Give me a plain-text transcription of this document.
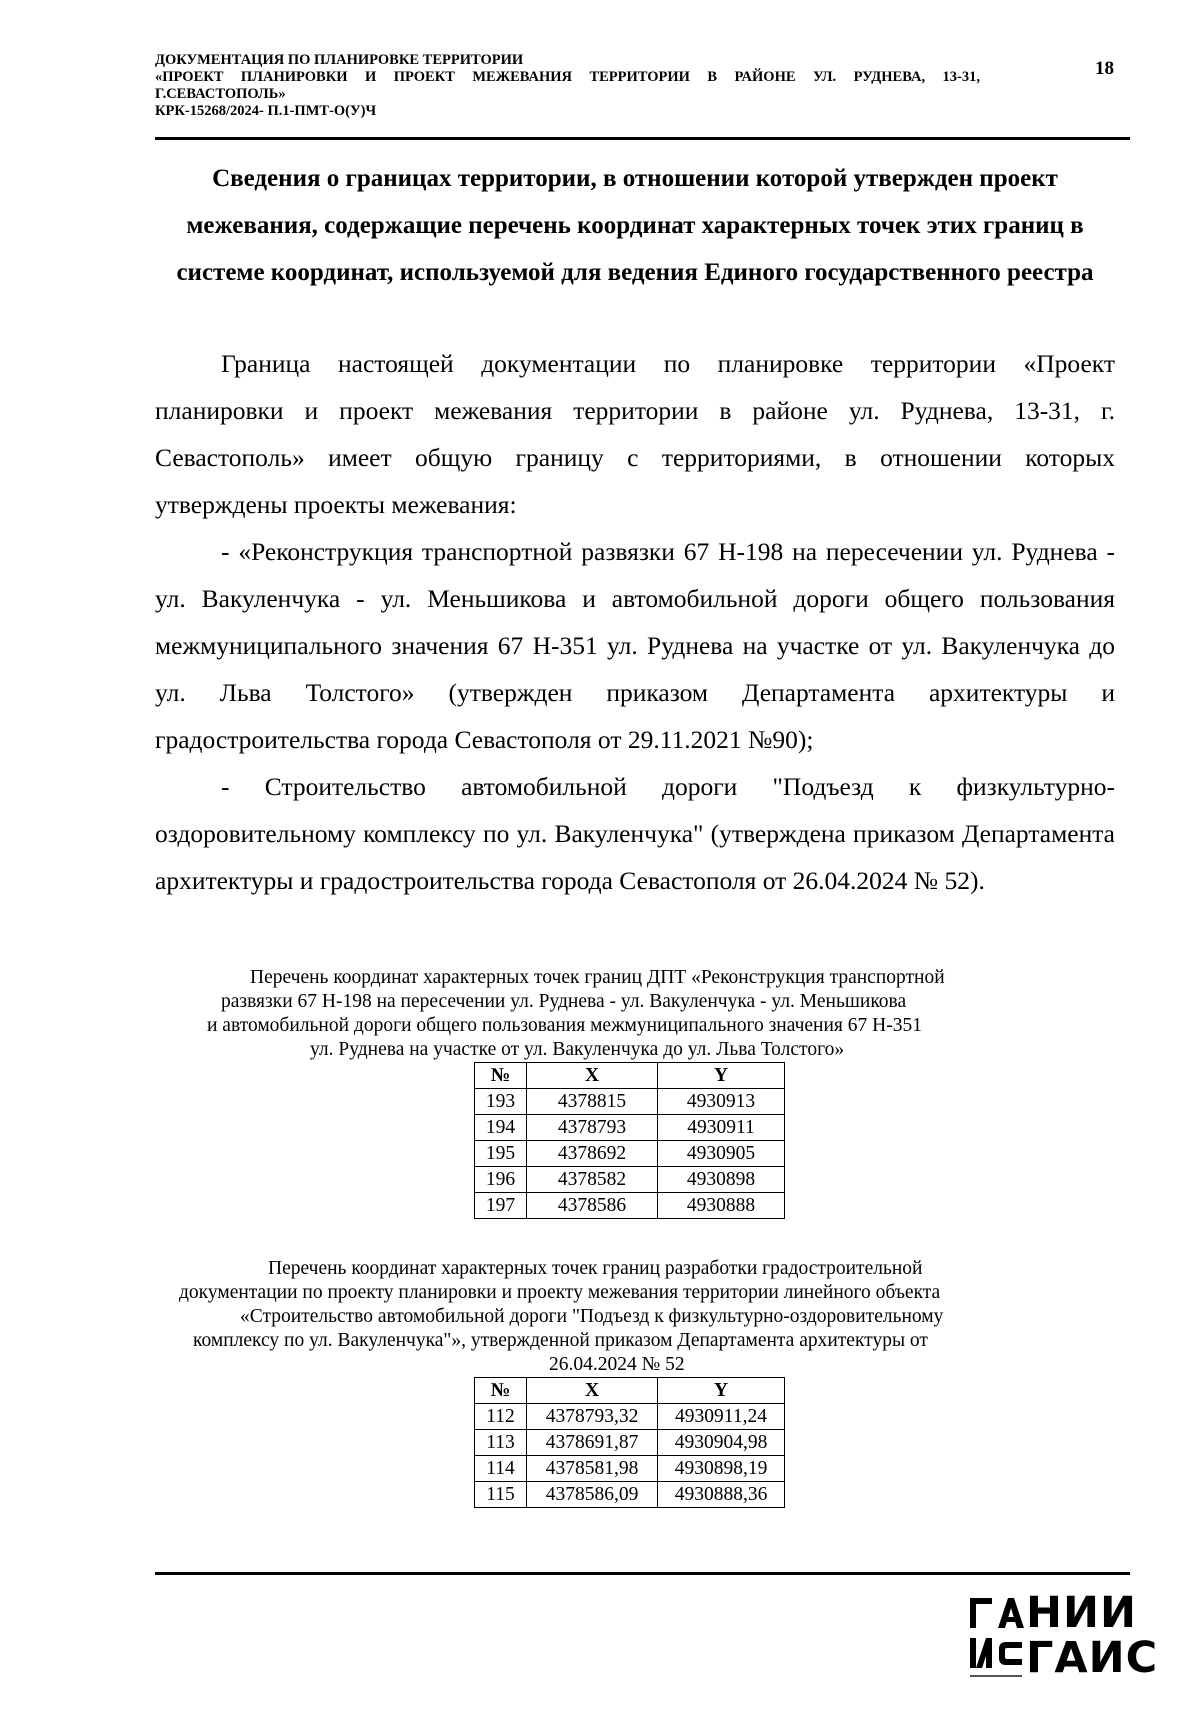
ДОКУМЕНТАЦИЯ ПО ПЛАНИРОВКЕ ТЕРРИТОРИИ
«ПРОЕКТ ПЛАНИРОВКИ И ПРОЕКТ МЕЖЕВАНИЯ ТЕРРИТОРИИ В РАЙОНЕ УЛ. РУДНЕВА, 13-31,
Г.СЕВАСТОПОЛЬ»
КРК-15268/2024- П.1-ПМТ-О(У)Ч
18
Сведения о границах территории, в отношении которой утвержден проект межевания, содержащие перечень координат характерных точек этих границ в системе координат, используемой для ведения Единого государственного реестра

Граница настоящей документации по планировке территории «Проект планировки и проект межевания территории в районе ул. Руднева, 13-31, г. Севастополь» имеет общую границу с территориями, в отношении которых утверждены проекты межевания:

- «Реконструкция транспортной развязки 67 Н-198 на пересечении ул. Руднева - ул. Вакуленчука - ул. Меньшикова и автомобильной дороги общего пользования межмуниципального значения 67 Н-351 ул. Руднева на участке от ул. Вакуленчука до ул. Льва Толстого» (утвержден приказом Департамента архитектуры и градостроительства города Севастополя от 29.11.2021 №90);

- Строительство автомобильной дороги "Подъезд к физкультурно-оздоровительному комплексу по ул. Вакуленчука" (утверждена приказом Департамента архитектуры и градостроительства города Севастополя от 26.04.2024 № 52).

Перечень координат характерных точек границ ДПТ «Реконструкция транспортной
развязки 67 Н-198 на пересечении ул. Руднева - ул. Вакуленчука - ул. Меньшикова
и автомобильной дороги общего пользования межмуниципального значения 67 Н-351
ул. Руднева на участке от ул. Вакуленчука до ул. Льва Толстого»
№	X	Y
193	4378815	4930913
194	4378793	4930911
195	4378692	4930905
196	4378582	4930898
197	4378586	4930888
Перечень координат характерных точек границ разработки градостроительной
документации по проекту планировки и проекту межевания территории линейного объекта
«Строительство автомобильной дороги "Подъезд к физкультурно-оздоровительному
комплексу по ул. Вакуленчука"», утвержденной приказом Департамента архитектуры от
26.04.2024 № 52
№	X	Y
112	4378793,32	4930911,24
113	4378691,87	4930904,98
114	4378581,98	4930898,19
115	4378586,09	4930888,36
НИИ
ГАИС
